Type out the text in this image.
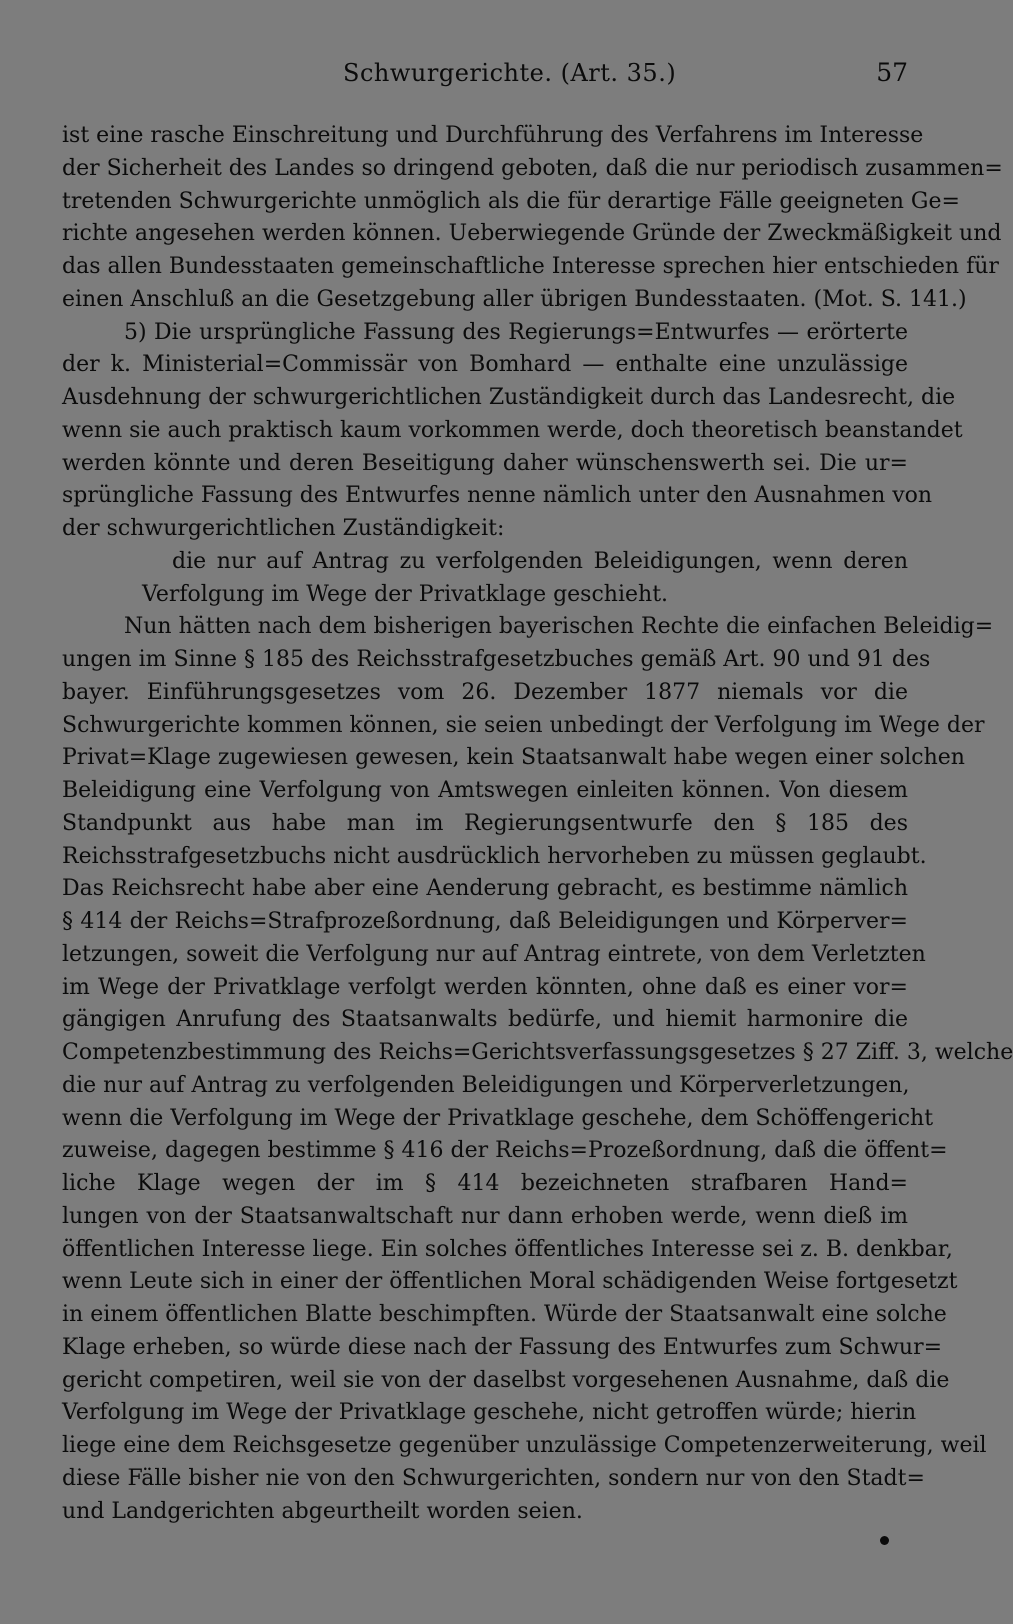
Schwurgerichte. (Art. 35.)	57
ist eine rasche Einschreitung und Durchführung des Verfahrens im Interesse
der Sicherheit des Landes so dringend geboten, daß die nur periodisch zusammen=
tretenden Schwurgerichte unmöglich als die für derartige Fälle geeigneten Ge=
richte angesehen werden können. Ueberwiegende Gründe der Zweckmäßigkeit und
das allen Bundesstaaten gemeinschaftliche Interesse sprechen hier entschieden für
einen Anschluß an die Gesetzgebung aller übrigen Bundesstaaten. (Mot. S. 141.)
5) Die ursprüngliche Fassung des Regierungs=Entwurfes — erörterte
der k. Ministerial=Commissär von Bomhard — enthalte eine unzulässige
Ausdehnung der schwurgerichtlichen Zuständigkeit durch das Landesrecht, die
wenn sie auch praktisch kaum vorkommen werde, doch theoretisch beanstandet
werden könnte und deren Beseitigung daher wünschenswerth sei. Die ur=
sprüngliche Fassung des Entwurfes nenne nämlich unter den Ausnahmen von
der schwurgerichtlichen Zuständigkeit:
die nur auf Antrag zu verfolgenden Beleidigungen, wenn deren
Verfolgung im Wege der Privatklage geschieht.
Nun hätten nach dem bisherigen bayerischen Rechte die einfachen Beleidig=
ungen im Sinne § 185 des Reichsstrafgesetzbuches gemäß Art. 90 und 91 des
bayer. Einführungsgesetzes vom 26. Dezember 1877 niemals vor die
Schwurgerichte kommen können, sie seien unbedingt der Verfolgung im Wege der
Privat=Klage zugewiesen gewesen, kein Staatsanwalt habe wegen einer solchen
Beleidigung eine Verfolgung von Amtswegen einleiten können. Von diesem
Standpunkt aus habe man im Regierungsentwurfe den § 185 des
Reichsstrafgesetzbuchs nicht ausdrücklich hervorheben zu müssen geglaubt.
Das Reichsrecht habe aber eine Aenderung gebracht, es bestimme nämlich
§ 414 der Reichs=Strafprozeßordnung, daß Beleidigungen und Körperver=
letzungen, soweit die Verfolgung nur auf Antrag eintrete, von dem Verletzten
im Wege der Privatklage verfolgt werden könnten, ohne daß es einer vor=
gängigen Anrufung des Staatsanwalts bedürfe, und hiemit harmonire die
Competenzbestimmung des Reichs=Gerichtsverfassungsgesetzes § 27 Ziff. 3, welche
die nur auf Antrag zu verfolgenden Beleidigungen und Körperverletzungen,
wenn die Verfolgung im Wege der Privatklage geschehe, dem Schöffengericht
zuweise, dagegen bestimme § 416 der Reichs=Prozeßordnung, daß die öffent=
liche Klage wegen der im § 414 bezeichneten strafbaren Hand=
lungen von der Staatsanwaltschaft nur dann erhoben werde, wenn dieß im
öffentlichen Interesse liege. Ein solches öffentliches Interesse sei z. B. denkbar,
wenn Leute sich in einer der öffentlichen Moral schädigenden Weise fortgesetzt
in einem öffentlichen Blatte beschimpften. Würde der Staatsanwalt eine solche
Klage erheben, so würde diese nach der Fassung des Entwurfes zum Schwur=
gericht competiren, weil sie von der daselbst vorgesehenen Ausnahme, daß die
Verfolgung im Wege der Privatklage geschehe, nicht getroffen würde; hierin
liege eine dem Reichsgesetze gegenüber unzulässige Competenzerweiterung, weil
diese Fälle bisher nie von den Schwurgerichten, sondern nur von den Stadt=
und Landgerichten abgeurtheilt worden seien.
